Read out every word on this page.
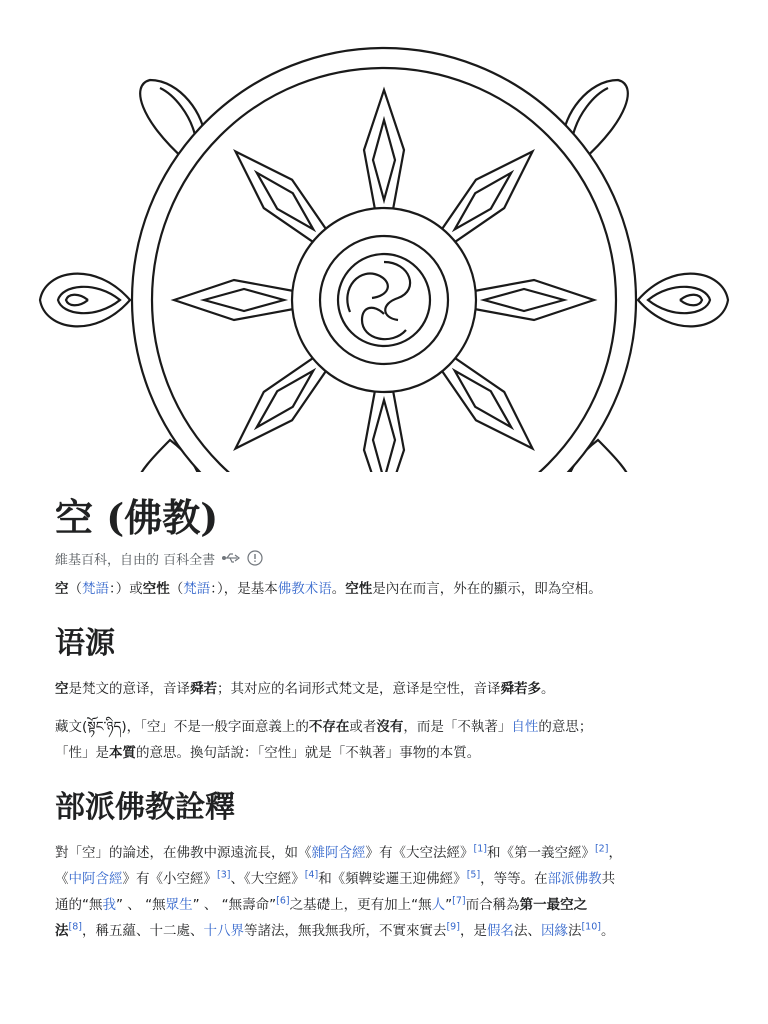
空 (佛教)
維基百科，自由的 百科全書

空（梵語：）或空性（梵語：），是基本佛教术语。空性是內在而言，外在的顯示，即為空相。

语源

空是梵文的意译，音译舜若；其对应的名词形式梵文是，意译是空性，音译舜若多。

藏文(སྟོང་ཉིད)，「空」不是一般字面意義上的不存在或者沒有，而是「不執著」自性的意思；
「性」是本質的意思。換句話說：「空性」就是「不執著」事物的本質。

部派佛教詮釋

對「空」的論述，在佛教中源遠流長，如《雜阿含經》有《大空法經》[1]和《第一義空經》[2]，
《中阿含經》有《小空經》[3]、《大空經》[4]和《頻鞞娑邏王迎佛經》[5]，等等。在部派佛教共
通的“無我” 、 “無眾生” 、 “無壽命”[6]之基礎上，更有加上“無人”[7]而合稱為第一最空之
法[8]，稱五蘊、十二處、十八界等諸法，無我無我所，不實來實去[9]，是假名法、因緣法[10]。
